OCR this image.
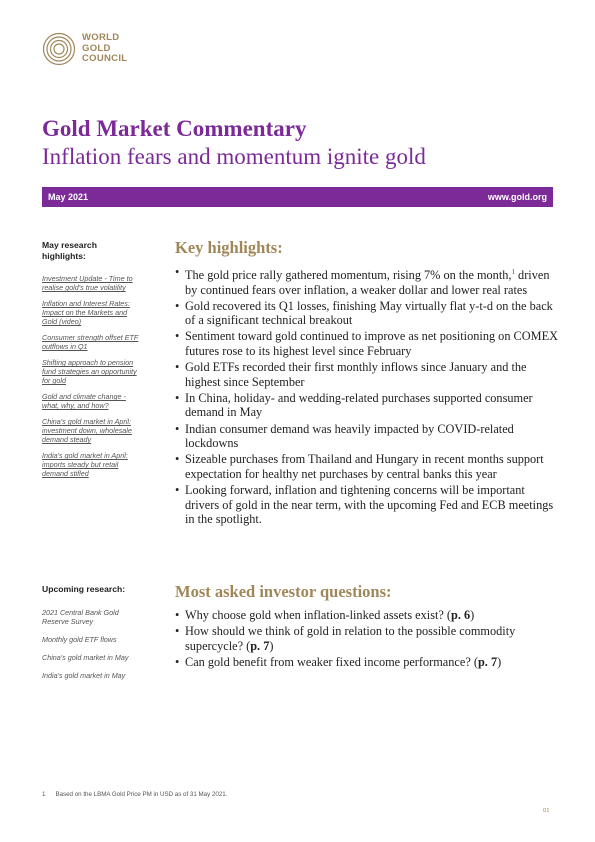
WORLD
GOLD
COUNCIL
Gold Market Commentary
Inflation fears and momentum ignite gold
May 2021	www.gold.org
May research highlights:
Investment Update - Time to realise gold's true volatility
Inflation and Interest Rates: Impact on the Markets and Gold (video)
Consumer strength offset ETF outflows in Q1
Shifting approach to pension fund strategies an opportunity for gold
Gold and climate change - what, why, and how?
China's gold market in April: investment down, wholesale demand steady
India's gold market in April: imports steady but retail demand stifled
Upcoming research:
2021 Central Bank Gold Reserve Survey
Monthly gold ETF flows
China's gold market in May
India's gold market in May
Key highlights:
• The gold price rally gathered momentum, rising 7% on the month,$^1$ driven by continued fears over inflation, a weaker dollar and lower real rates
• Gold recovered its Q1 losses, finishing May virtually flat y-t-d on the back of a significant technical breakout
• Sentiment toward gold continued to improve as net positioning on COMEX futures rose to its highest level since February
• Gold ETFs recorded their first monthly inflows since January and the highest since September
• In China, holiday- and wedding-related purchases supported consumer demand in May
• Indian consumer demand was heavily impacted by COVID-related lockdowns
• Sizeable purchases from Thailand and Hungary in recent months support expectation for healthy net purchases by central banks this year
• Looking forward, inflation and tightening concerns will be important drivers of gold in the near term, with the upcoming Fed and ECB meetings in the spotlight.
Most asked investor questions:
• Why choose gold when inflation-linked assets exist? (p. 6)
• How should we think of gold in relation to the possible commodity supercycle? (p. 7)
• Can gold benefit from weaker fixed income performance? (p. 7)
1 Based on the LBMA Gold Price PM in USD as of 31 May 2021.
01
